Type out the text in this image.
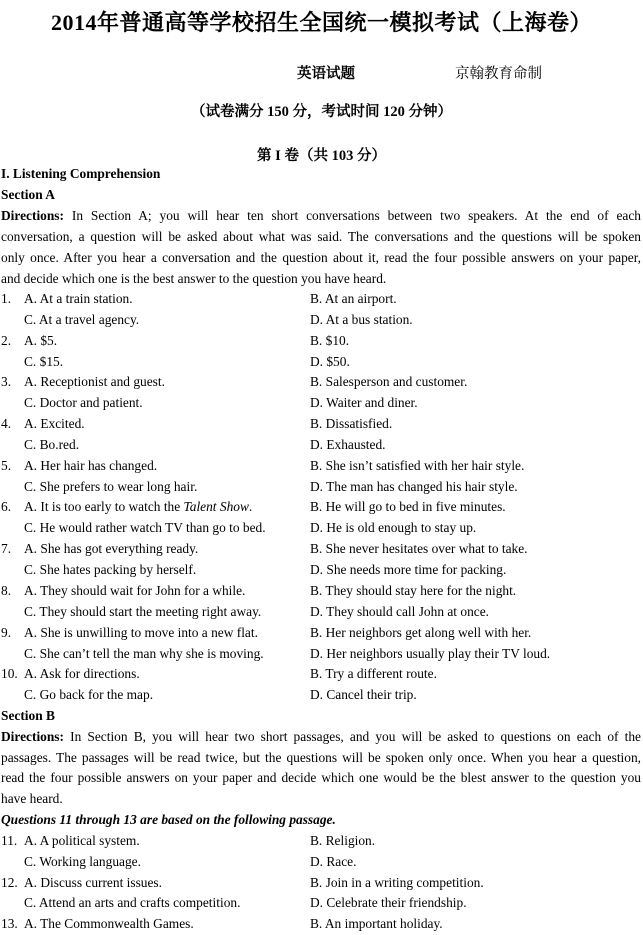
2014年普通高等学校招生全国统一模拟考试（上海卷）
英语试题	京翰教育命制
（试卷满分 150 分，考试时间 120 分钟）
第 I 卷（共 103 分）
I. Listening Comprehension
Section A
Directions: In Section A; you will hear ten short conversations between two speakers. At the end of each
conversation, a question will be asked about what was said. The conversations and the questions will be spoken
only once. After you hear a conversation and the question about it, read the four possible answers on your paper,
and decide which one is the best answer to the question you have heard.
1. A. At a train station.	B. At an airport.
C. At a travel agency.	D. At a bus station.
2. A. $5.	B. $10.
C. $15.	D. $50.
3. A. Receptionist and guest.	B. Salesperson and customer.
C. Doctor and patient.	D. Waiter and diner.
4. A. Excited.	B. Dissatisfied.
C. Bo.red.	D. Exhausted.
5. A. Her hair has changed.	B. She isn’t satisfied with her hair style.
C. She prefers to wear long hair.	D. The man has changed his hair style.
6. A. It is too early to watch the Talent Show.	B. He will go to bed in five minutes.
C. He would rather watch TV than go to bed.	D. He is old enough to stay up.
7. A. She has got everything ready.	B. She never hesitates over what to take.
C. She hates packing by herself.	D. She needs more time for packing.
8. A. They should wait for John for a while.	B. They should stay here for the night.
C. They should start the meeting right away.	D. They should call John at once.
9. A. She is unwilling to move into a new flat.	B. Her neighbors get along well with her.
C. She can’t tell the man why she is moving.	D. Her neighbors usually play their TV loud.
10. A. Ask for directions.	B. Try a different route.
C. Go back for the map.	D. Cancel their trip.
Section B
Directions: In Section B, you will hear two short passages, and you will be asked to questions on each of the
passages. The passages will be read twice, but the questions will be spoken only once. When you hear a question,
read the four possible answers on your paper and decide which one would be the blest answer to the question you
have heard.
Questions 11 through 13 are based on the following passage.
11. A. A political system.	B. Religion.
C. Working language.	D. Race.
12. A. Discuss current issues.	B. Join in a writing competition.
C. Attend an arts and crafts competition.	D. Celebrate their friendship.
13. A. The Commonwealth Games.	B. An important holiday.
